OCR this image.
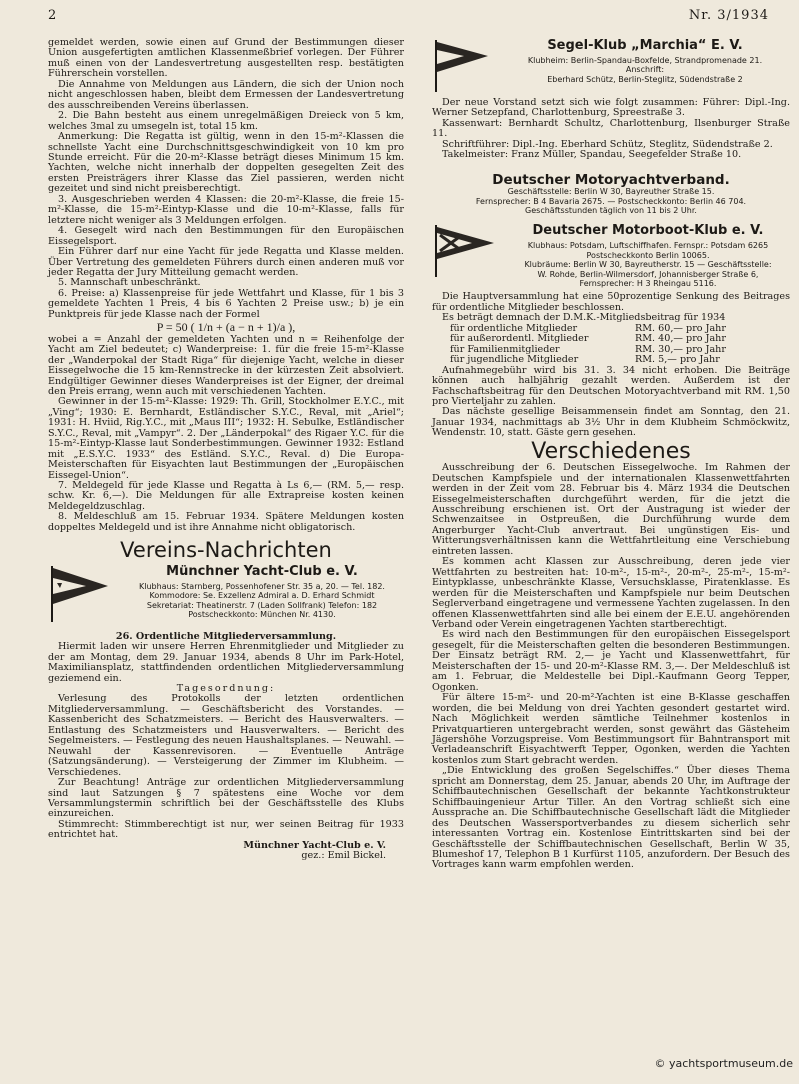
2	Nr. 3/1934

gemeldet werden, sowie einen auf Grund der Bestimmungen dieser Union ausgefertigten amtlichen Klassenmeßbrief vorlegen. Der Führer muß einen von der Landesvertretung ausgestellten resp. bestätigten Führerschein vorstellen.

Die Annahme von Meldungen aus Ländern, die sich der Union noch nicht angeschlossen haben, bleibt dem Ermessen der Landesvertretung des ausschreibenden Vereins überlassen.

2. Die Bahn besteht aus einem unregelmäßigen Dreieck von 5 km, welches 3mal zu umsegeln ist, total 15 km.

Anmerkung: Die Regatta ist gültig, wenn in den 15-m²-Klassen die schnellste Yacht eine Durchschnittsgeschwindigkeit von 10 km pro Stunde erreicht. Für die 20-m²-Klasse beträgt dieses Minimum 15 km. Yachten, welche nicht innerhalb der doppelten gesegelten Zeit des ersten Preisträgers ihrer Klasse das Ziel passieren, werden nicht gezeitet und sind nicht preisberechtigt.

3. Ausgeschrieben werden 4 Klassen: die 20-m²-Klasse, die freie 15-m²-Klasse, die 15-m²-Eintyp-Klasse und die 10-m²-Klasse, falls für letztere nicht weniger als 3 Meldungen erfolgen.

4. Gesegelt wird nach den Bestimmungen für den Europäischen Eissegelsport.

Ein Führer darf nur eine Yacht für jede Regatta und Klasse melden. Über Vertretung des gemeldeten Führers durch einen anderen muß vor jeder Regatta der Jury Mitteilung gemacht werden.

5. Mannschaft unbeschränkt.

6. Preise: a) Klassenpreise für jede Wettfahrt und Klasse, für 1 bis 3 gemeldete Yachten 1 Preis, 4 bis 6 Yachten 2 Preise usw.; b) je ein Punktpreis für jede Klasse nach der Formel

P = 50 ( 1/n + (a − n + 1)/a ),

wobei a = Anzahl der gemeldeten Yachten und n = Reihenfolge der Yacht am Ziel bedeutet; c) Wanderpreise: 1. für die freie 15-m²-Klasse der „Wanderpokal der Stadt Riga“ für diejenige Yacht, welche in dieser Eissegelwoche die 15 km-Rennstrecke in der kürzesten Zeit absolviert. Endgültiger Gewinner dieses Wanderpreises ist der Eigner, der dreimal den Preis errang, wenn auch mit verschiedenen Yachten.

Gewinner in der 15-m²-Klasse: 1929: Th. Grill, Stockholmer E.Y.C., mit „Ving“; 1930: E. Bernhardt, Estländischer S.Y.C., Reval, mit „Ariel“; 1931: H. Hviid, Rig.Y.C., mit „Maus III“; 1932: H. Sebulke, Estländischer S.Y.C., Reval, mit „Vampyr“. 2. Der „Länderpokal“ des Rigaer Y.C. für die 15-m²-Eintyp-Klasse laut Sonderbestimmungen. Gewinner 1932: Estland mit „E.S.Y.C. 1933“ des Estländ. S.Y.C., Reval. d) Die Europa-Meisterschaften für Eisyachten laut Bestimmungen der „Europäischen Eissegel-Union“.

7. Meldegeld für jede Klasse und Regatta à Ls 6,— (RM. 5,— resp. schw. Kr. 6,—). Die Meldungen für alle Extrapreise kosten keinen Meldegeldzuschlag.

8. Meldeschluß am 15. Februar 1934. Spätere Meldungen kosten doppeltes Meldegeld und ist ihre Annahme nicht obligatorisch.

Vereins-Nachrichten
Münchner Yacht-Club e. V.
Klubhaus: Starnberg, Possenhofener Str. 35 a, 20. — Tel. 182.
Kommodore: Se. Exzellenz Admiral a. D. Erhard Schmidt
Sekretariat: Theatinerstr. 7 (Laden Sollfrank) Telefon: 182
Postscheckkonto: München Nr. 4130.

26. Ordentliche Mitgliederversammlung.

Hiermit laden wir unsere Herren Ehrenmitglieder und Mitglieder zu der am Montag, dem 29. Januar 1934, abends 8 Uhr im Park-Hotel, Maximiliansplatz, stattfindenden ordentlichen Mitgliederversammlung geziemend ein.

Tagesordnung:

Verlesung des Protokolls der letzten ordentlichen Mitgliederversammlung. — Geschäftsbericht des Vorstandes. — Kassenbericht des Schatzmeisters. — Bericht des Hausverwalters. — Entlastung des Schatzmeisters und Hausverwalters. — Bericht des Segelmeisters. — Festlegung des neuen Haushaltsplanes. — Neuwahl. — Neuwahl der Kassenrevisoren. — Eventuelle Anträge (Satzungsänderung). — Versteigerung der Zimmer im Klubheim. — Verschiedenes.

Zur Beachtung! Anträge zur ordentlichen Mitgliederversammlung sind laut Satzungen § 7 spätestens eine Woche vor dem Versammlungstermin schriftlich bei der Geschäftsstelle des Klubs einzureichen.

Stimmrecht: Stimmberechtigt ist nur, wer seinen Beitrag für 1933 entrichtet hat.

Münchner Yacht-Club e. V.

gez.: Emil Bickel.

Segel-Klub „Marchia“ E. V.
Klubheim: Berlin-Spandau-Boxfelde, Strandpromenade 21.
Anschrift:
Eberhard Schütz, Berlin-Steglitz, Südendstraße 2

Der neue Vorstand setzt sich wie folgt zusammen: Führer: Dipl.-Ing. Werner Setzepfand, Charlottenburg, Spreestraße 3.

Kassenwart: Bernhardt Schultz, Charlottenburg, Ilsenburger Straße 11.

Schriftführer: Dipl.-Ing. Eberhard Schütz, Steglitz, Südendstraße 2.

Takelmeister: Franz Müller, Spandau, Seegefelder Straße 10.

Deutscher Motoryachtverband.
Geschäftsstelle: Berlin W 30, Bayreuther Straße 15.
Fernsprecher: B 4 Bavaria 2675. — Postscheckkonto: Berlin 46 704.
Geschäftsstunden täglich von 11 bis 2 Uhr.
Deutscher Motorboot-Klub e. V.
Klubhaus: Potsdam, Luftschiffhafen. Fernspr.: Potsdam 6265
Postscheckkonto Berlin 10065.
Klubräume: Berlin W 30, Bayreutherstr. 15 — Geschäftsstelle:
W. Rohde, Berlin-Wilmersdorf, Johannisberger Straße 6,
Fernsprecher: H 3 Rheingau 5116.

Die Hauptversammlung hat eine 50prozentige Senkung des Beitrages für ordentliche Mitglieder beschlossen.

Es beträgt demnach der D.M.K.-Mitgliedsbeitrag für 1934

für ordentliche Mitglieder	RM. 60,— pro Jahr
für außerordentl. Mitglieder	RM. 40,— pro Jahr
für Familienmitglieder	RM. 30,— pro Jahr
für jugendliche Mitglieder	RM. 5,— pro Jahr

Aufnahmegebühr wird bis 31. 3. 34 nicht erhoben. Die Beiträge können auch halbjährig gezahlt werden. Außerdem ist der Fachschaftsbeitrag für den Deutschen Motoryachtverband mit RM. 1,50 pro Vierteljahr zu zahlen.

Das nächste gesellige Beisammensein findet am Sonntag, den 21. Januar 1934, nachmittags ab 3½ Uhr in dem Klubheim Schmöckwitz, Wendenstr. 10, statt. Gäste gern gesehen.

Verschiedenes

Ausschreibung der 6. Deutschen Eissegelwoche. Im Rahmen der Deutschen Kampfspiele und der internationalen Klassenwettfahrten werden in der Zeit vom 28. Februar bis 4. März 1934 die Deutschen Eissegelmeisterschaften durchgeführt werden, für die jetzt die Ausschreibung erschienen ist. Ort der Austragung ist wieder der Schwenzaitsee in Ostpreußen, die Durchführung wurde dem Angerburger Yacht-Club anvertraut. Bei ungünstigen Eis- und Witterungsverhältnissen kann die Wettfahrtleitung eine Verschiebung eintreten lassen.

Es kommen acht Klassen zur Ausschreibung, deren jede vier Wettfahrten zu bestreiten hat: 10-m²-, 15-m²-, 20-m²-, 25-m²-, 15-m²-Eintypklasse, unbeschränkte Klasse, Versuchsklasse, Piratenklasse. Es werden für die Meisterschaften und Kampfspiele nur beim Deutschen Seglerverband eingetragene und vermessene Yachten zugelassen. In den offenen Klassenwettfahrten sind alle bei einem der E.E.U. angehörenden Verband oder Verein eingetragenen Yachten startberechtigt.

Es wird nach den Bestimmungen für den europäischen Eissegelsport gesegelt, für die Meisterschaften gelten die besonderen Bestimmungen. Der Einsatz beträgt RM. 2,— je Yacht und Klassenwettfahrt, für Meisterschaften der 15- und 20-m²-Klasse RM. 3,—. Der Meldeschluß ist am 1. Februar, die Meldestelle bei Dipl.-Kaufmann Georg Tepper, Ogonken.

Für ältere 15-m²- und 20-m²-Yachten ist eine B-Klasse geschaffen worden, die bei Meldung von drei Yachten gesondert gestartet wird. Nach Möglichkeit werden sämtliche Teilnehmer kostenlos in Privatquartieren untergebracht werden, sonst gewährt das Gästeheim Jägershöhe Vorzugspreise. Vom Bestimmungsort für Bahntransport mit Verladeanschrift Eisyachtwerft Tepper, Ogonken, werden die Yachten kostenlos zum Start gebracht werden.

„Die Entwicklung des großen Segelschiffes.“ Über dieses Thema spricht am Donnerstag, dem 25. Januar, abends 20 Uhr, im Auftrage der Schiffbautechnischen Gesellschaft der bekannte Yachtkonstrukteur Schiffbauingenieur Artur Tiller. An den Vortrag schließt sich eine Aussprache an. Die Schiffbautechnische Gesellschaft lädt die Mitglieder des Deutschen Wassersportverbandes zu diesem sicherlich sehr interessanten Vortrag ein. Kostenlose Eintrittskarten sind bei der Geschäftsstelle der Schiffbautechnischen Gesellschaft, Berlin W 35, Blumeshof 17, Telephon B 1 Kurfürst 1105, anzufordern. Der Besuch des Vortrages kann warm empfohlen werden.

© yachtsportmuseum.de
